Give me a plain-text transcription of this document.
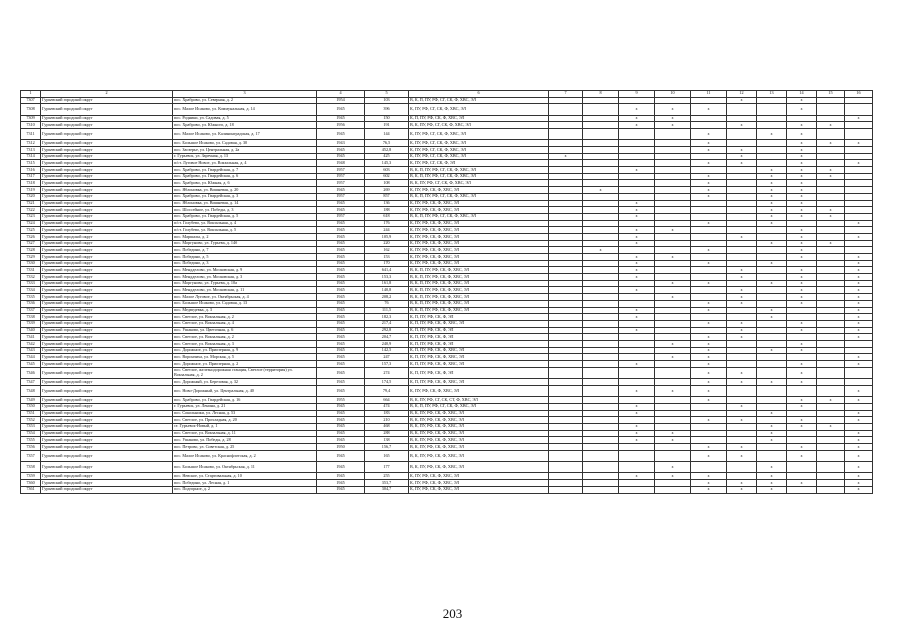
1	2	3	4	5	6	7	8	9	10	11	12	13	14	15	16
7307	Гурьевский городской округ	пос. Храброво, ул. Северная, д. 2	1954	103	В, К, П, ПУ, РФ, СГ, СК, Ф, ХВС, ЭЛ						x		x		
7308	Гурьевский городской округ	пос. Малое Исаково, ул. Коммунальная, д. 14	1945	396	К, ПУ, РФ, СГ, СК, Ф, ХВС, ЭЛ			x	x	x			x		
7309	Гурьевский городской округ	пос. Родники, ул. Садовая, д. 5	1945	150	К, П, ПУ, РФ, СК, Ф, ХВС, ЭЛ			x	x						x
7310	Гурьевский городской округ	пос. Храброво, ул. Южного, д. 18	1956	191	В, К, ПУ, РФ, СГ, СК, Ф, ХВС, ЭЛ			x	x		x		x	x	
7311	Гурьевский городской округ	пос. Малое Исаково, ул. Калининградская, д. 17	1945	144	К, ПУ, РФ, СГ, СК, Ф, ХВС, ЭЛ					x		x	x		
7312	Гурьевский городской округ	пос. Большое Исаково, ул. Садовая, д. 30	1943	76,5	К, ПУ, РФ, СГ, СК, Ф, ХВС, ЭЛ					x			x	x	x
7313	Гурьевский городской округ	пос. Заозерье, ул. Центральная, д. 2а	1945	452,8	К, ПУ, РФ, СГ, СК, Ф, ХВС, ЭЛ					x	x		x		
7314	Гурьевский городской округ	г. Гурьевск, ул. Заречная, д. 13	1945	425	К, ПУ, РФ, СГ, СК, Ф, ХВС, ЭЛ	x					x		x		
7315	Гурьевский городской округ	п/ст. Луговое Новое, ул. Вокзальная, д. 4	1948	145,3	К, ПУ, РФ, СГ, СК, Ф, ЭЛ					x	x		x		x
7316	Гурьевский городской округ	пос. Храброво, ул. Гвардейская, д. 7	1957	603	В, К, П, ПУ, РФ, СГ, СК, Ф, ХВС, ЭЛ			x				x	x	x	
7317	Гурьевский городской округ	пос. Храброво, ул. Гвардейская, д. 6	1957	602	В, К, П, ПУ, РФ, СГ, СК, Ф, ХВС, ЭЛ					x		x	x	x	
7318	Гурьевский городской округ	пос. Храброво, ул. Южная, д. 6	1957	108	В, К, ПУ, РФ, СГ, СК, Ф, ХВС, ЭЛ					x		x	x		
7319	Гурьевский городской округ	пос. Яблоновка, ул. Вишневая, д. 20	1945	269	К, ПУ, РФ, СК, Ф, ХВС, ЭЛ		x			x		x	x		
7320	Гурьевский городской округ	пос. Храброво, ул. Гвардейская, д. 3	1957	857	В, К, П, ПУ, РФ, СГ, СК, Ф, ХВС, ЭЛ					x		x	x		
7321	Гурьевский городской округ	пос. Яблоновка, ул. Вишневая, д. 14	1945	136	К, ПУ, РФ, СК, Ф, ХВС, ЭЛ			x				x	x		
7322	Гурьевский городской округ	пос. Шоссейное, ул. Победы, д. 3	1945	188	К, ПУ, РФ, СК, Ф, ХВС, ЭЛ			x				x	x	x	
7323	Гурьевский городской округ	пос. Храброво, ул. Гвардейская, д. 5	1957	618	В, К, П, ПУ, РФ, СГ, СК, Ф, ХВС, ЭЛ			x				x	x	x	
7324	Гурьевский городской округ	п/ст. Голубево, ул. Вокзальная, д. 4	1945	176	К, ПУ, РФ, СК, Ф, ХВС, ЭЛ					x		x			x
7325	Гурьевский городской округ	п/ст. Голубево, ул. Вокзальная, д. 5	1945	244	К, ПУ, РФ, СК, Ф, ХВС, ЭЛ			x	x				x		
7326	Гурьевский городской округ	пос. Маршалы, д. 2	1945	105,9	К, ПУ, РФ, СК, Ф, ХВС, ЭЛ			x			x		x		x
7327	Гурьевский городской округ	пос. Моргуново, ул. Гурьева, д. 14б	1945	220	К, ПУ, РФ, СК, Ф, ХВС, ЭЛ			x				x	x	x	
7328	Гурьевский городской округ	пос. Победино, д. 7	1945	162	К, ПУ, РФ, СК, Ф, ХВС, ЭЛ		x			x			x		
7329	Гурьевский городской округ	пос. Победино, д. 5	1945	153	К, ПУ, РФ, СК, Ф, ХВС, ЭЛ			x	x				x		x
7330	Гурьевский городской округ	пос. Победино, д. 3	1945	170	К, ПУ, РФ, СК, Ф, ХВС, ЭЛ			x		x		x			x
7331	Гурьевский городской округ	пос. Мендделово, ул. Московская, д. 9	1945	641,4	В, К, П, ПУ, РФ, СК, Ф, ХВС, ЭЛ			x			x		x		x
7332	Гурьевский городской округ	пос. Мендделово, ул. Московская, д. 3	1945	153,3	В, К, П, ПУ, РФ, СК, Ф, ХВС, ЭЛ			x			x		x		x
7333	Гурьевский городской округ	пос. Моргуново, ул. Гурьева, д. 10а	1945	161,8	В, К, П, ПУ, РФ, СК, Ф, ХВС, ЭЛ				x	x		x	x		x
7334	Гурьевский городской округ	пос. Мендделово, ул. Московская, д. 11	1945	140,8	В, К, П, ПУ, РФ, СК, Ф, ХВС, ЭЛ			x			x		x		x
7335	Гурьевский городской округ	пос. Малое Луговое, ул. Октябрьская, д. 4	1945	208,2	В, К, П, ПУ, РФ, СК, Ф, ХВС, ЭЛ				x		x		x		x
7336	Гурьевский городской округ	пос. Большое Исаково, ул. Садовая, д. 13	1945	76	В, К, П, ПУ, РФ, СК, Ф, ХВС, ЭЛ					x	x		x		x
7337	Гурьевский городской округ	пос. Медведевка, д. 3	1945	111,5	В, К, П, ПУ, РФ, СК, Ф, ХВС, ЭЛ			x		x		x			x
7338	Гурьевский городской округ	пос. Светлое, ул. Вокзальная, д. 2	1945	182,3	К, П, ПУ, РФ, СК, Ф, ЭЛ			x				x			x
7339	Гурьевский городской округ	пос. Светлое, ул. Вокзальная, д. 4	1945	217,4	К, П, ПУ, РФ, СК, Ф, ХВС, ЭЛ					x	x		x		x
7340	Гурьевский городской округ	пос. Ушаково, ул. Цветочная, д. 6	1945	292,8	К, П, ПУ, РФ, СК, Ф, ЭЛ			x			x		x		x
7341	Гурьевский городской округ	пос. Светлое, ул. Вокзальная, д. 2	1945	204,7	К, П, ПУ, РФ, СК, Ф, ЭЛ					x	x				x
7342	Гурьевский городской округ	пос. Светлое, ул. Вокзальная, д. 3	1945	240,9	К, П, ПУ, РФ, СК, Ф, ЭЛ				x	x			x		
7343	Гурьевский городской округ	пос. Дорожное, ул. Приозерная, д. 9	1945	142,5	К, П, ПУ, РФ, СК, Ф, ХВС, ЭЛ					x		x	x		
7344	Гурьевский городской округ	пос. Ворончиха, ул. Морская, д. 5	1945	247	К, П, ПУ, РФ, СК, Ф, ХВС, ЭЛ				x	x					x
7345	Гурьевский городской округ	пос. Дорожное, ул. Приозерная, д. 2	1945	157,3	К, П, ПУ, РФ, СК, Ф, ХВС, ЭЛ			x		x			x		x
7346	Гурьевский городской округ	пос. Светлое, железнодорожная станция, Светлое (территория) ул. Вокзальная, д. 2	1945	274	К, П, ПУ, РФ, СК, Ф, ЭЛ					x	x		x		
7347	Гурьевский городской округ	пос. Дорожный, ул. Березовая, д. 32	1945	174,5	К, П, ПУ, РФ, СК, Ф, ХВС, ЭЛ					x	x	x	x		
7348	Гурьевский городской округ	пос. Ново-Дорожный, ул. Центральная, д. 40	1945	79,4	К, ПУ, РФ, СК, Ф, ХВС, ЭЛ			x	x	x					x
7349	Гурьевский городской округ	пос. Храброво, ул. Гвардейская, д. 16	1955	664	В, К, ПУ, РФ, СГ, СК, СТ, Ф, ХВС, ЭЛ					x			x	x	x
7350	Гурьевский городской округ	г. Гурьевск, ул. Ленина, д. 21	1945	474	В, К, П, ПУ, РФ, СГ, СК, Ф, ХВС, ЭЛ			x			x		x		
7351	Гурьевский городской округ	пос. Сокольники, ул. Лесная, д. 53	1945	183	В, К, ПУ, РФ, СК, Ф, ХВС, ЭЛ			x				x			x
7352	Гурьевский городской округ	пос. Светлое, ул. Прохладная, д. 20	1945	210	В, К, ПУ, РФ, СК, Ф, ХВС, ЭЛ					x	x		x		x
7353	Гурьевский городской округ	ст. Гурьевск-Новый, д. 1	1945	468	В, К, ПУ, РФ, СК, Ф, ХВС, ЭЛ			x				x	x	x	
7354	Гурьевский городской округ	пос. Светлое, ул. Вокзальная, д. 11	1945	288	В, К, ПУ, РФ, СК, Ф, ХВС, ЭЛ			x	x			x			x
7355	Гурьевский городской округ	пос. Ушаково, ул. Победы, д. 28	1945	138	В, К, ПУ, РФ, СК, Ф, ХВС, ЭЛ			x	x			x			x
7356	Гурьевский городской округ	пос. Петрово, ул. Советская, д. 25	1950	156,7	В, К, ПУ, РФ, СК, Ф, ХВС, ЭЛ					x	x		x		x
7357	Гурьевский городской округ	пос. Малое Исаково, ул. Краснофлотская, д. 2	1945	165	В, К, ПУ, РФ, СК, Ф, ХВС, ЭЛ					x	x		x		x
7358	Гурьевский городской округ	пос. Большое Исаково, ул. Октябрьская, д. 11	1945	177	В, К, ПУ, РФ, СК, Ф, ХВС, ЭЛ				x			x			x
7359	Гурьевский городской округ	пос. Невское, ул. Стартовальная, д. 10	1945	255	К, ПУ, РФ, СК, Ф, ХВС, ЭЛ			x	x	x		x			x
7360	Гурьевский городской округ	пос. Победино, ул. Лесная, д. 1	1945	353,7	К, ПУ, РФ, СК, Ф, ХВС, ЭЛ					x	x	x	x		x
7361	Гурьевский городской округ	пос. Подгорное, д. 2	1945	304,7	К, ПУ, РФ, СК, Ф, ХВС, ЭЛ					x	x	x			x
203
